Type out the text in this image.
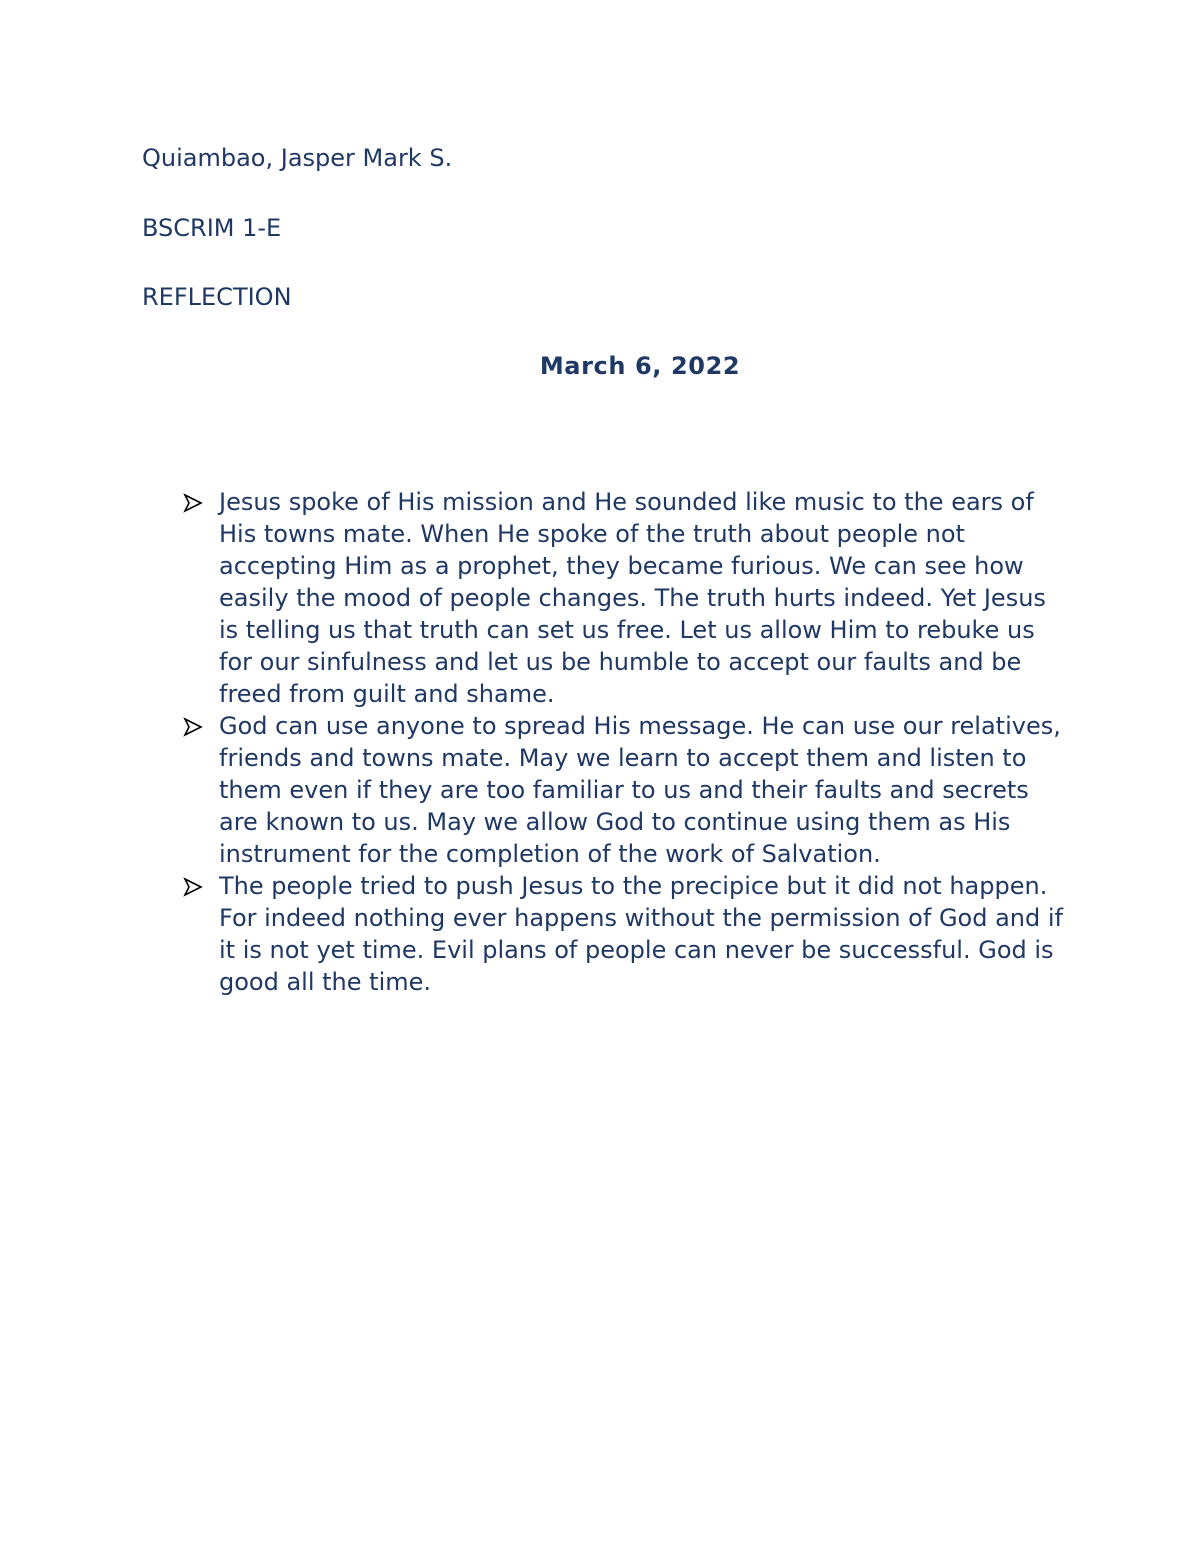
Quiambao, Jasper Mark S.

BSCRIM 1-E

REFLECTION

March 6, 2022

Jesus spoke of His mission and He sounded like music to the ears of His towns mate. When He spoke of the truth about people not accepting Him as a prophet, they became furious. We can see how easily the mood of people changes. The truth hurts indeed. Yet Jesus is telling us that truth can set us free. Let us allow Him to rebuke us for our sinfulness and let us be humble to accept our faults and be freed from guilt and shame.
God can use anyone to spread His message. He can use our relatives, friends and towns mate. May we learn to accept them and listen to them even if they are too familiar to us and their faults and secrets are known to us. May we allow God to continue using them as His instrument for the completion of the work of Salvation.
The people tried to push Jesus to the precipice but it did not happen. For indeed nothing ever happens without the permission of God and if it is not yet time. Evil plans of people can never be successful. God is good all the time.
